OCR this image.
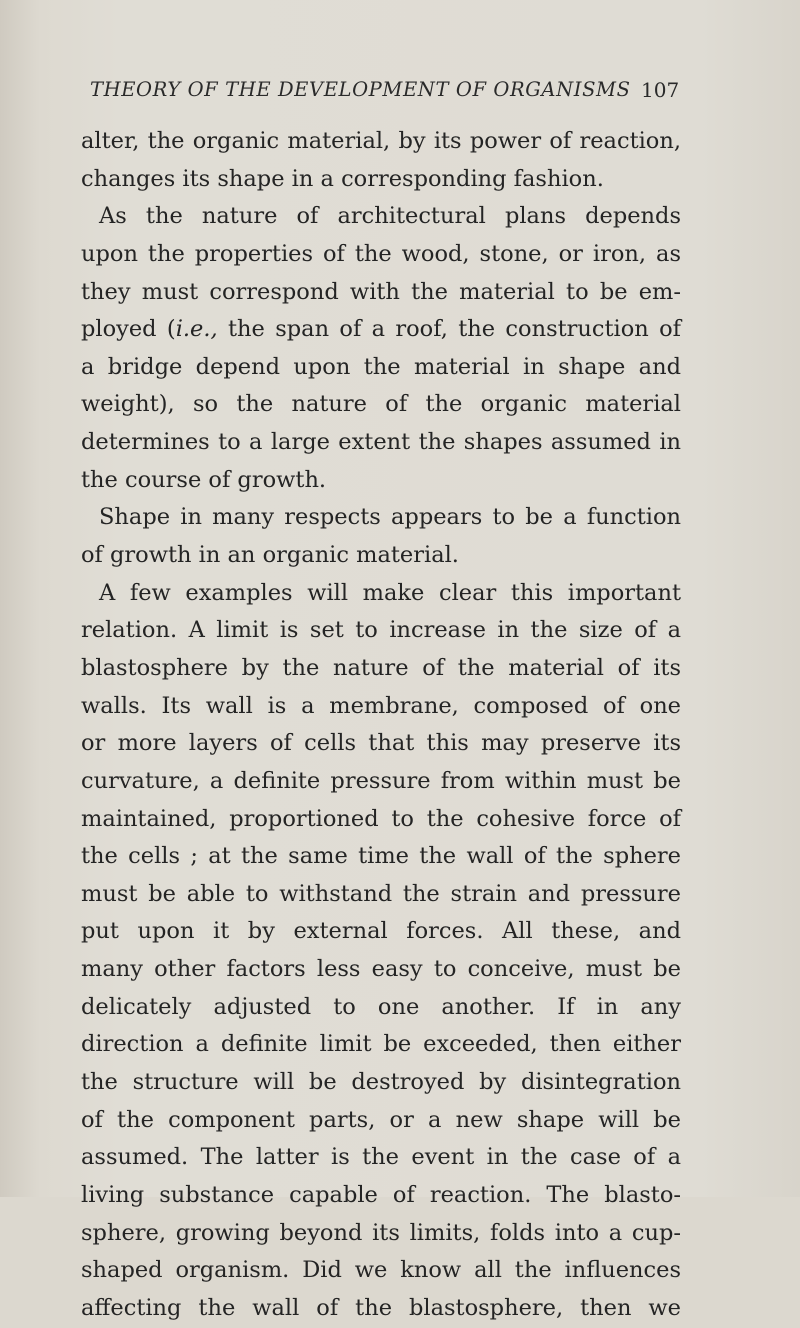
THEORY OF THE DEVELOPMENT OF ORGANISMS 107
alter, the organic material, by its power of reaction,
changes its shape in a corresponding fashion.
As the nature of architectural plans depends
upon the properties of the wood, stone, or iron, as
they must correspond with the material to be em-
ployed (i.e., the span of a roof, the construction of
a bridge depend upon the material in shape and
weight), so the nature of the organic material
determines to a large extent the shapes assumed in
the course of growth.
Shape in many respects appears to be a function
of growth in an organic material.
A few examples will make clear this important
relation. A limit is set to increase in the size of a
blastosphere by the nature of the material of its
walls. Its wall is a membrane, composed of one
or more layers of cells that this may preserve its
curvature, a definite pressure from within must be
maintained, proportioned to the cohesive force of
the cells ; at the same time the wall of the sphere
must be able to withstand the strain and pressure
put upon it by external forces. All these, and
many other factors less easy to conceive, must be
delicately adjusted to one another. If in any
direction a definite limit be exceeded, then either
the structure will be destroyed by disintegration
of the component parts, or a new shape will be
assumed. The latter is the event in the case of a
living substance capable of reaction. The blasto-
sphere, growing beyond its limits, folds into a cup-
shaped organism. Did we know all the influences
affecting the wall of the blastosphere, then we
